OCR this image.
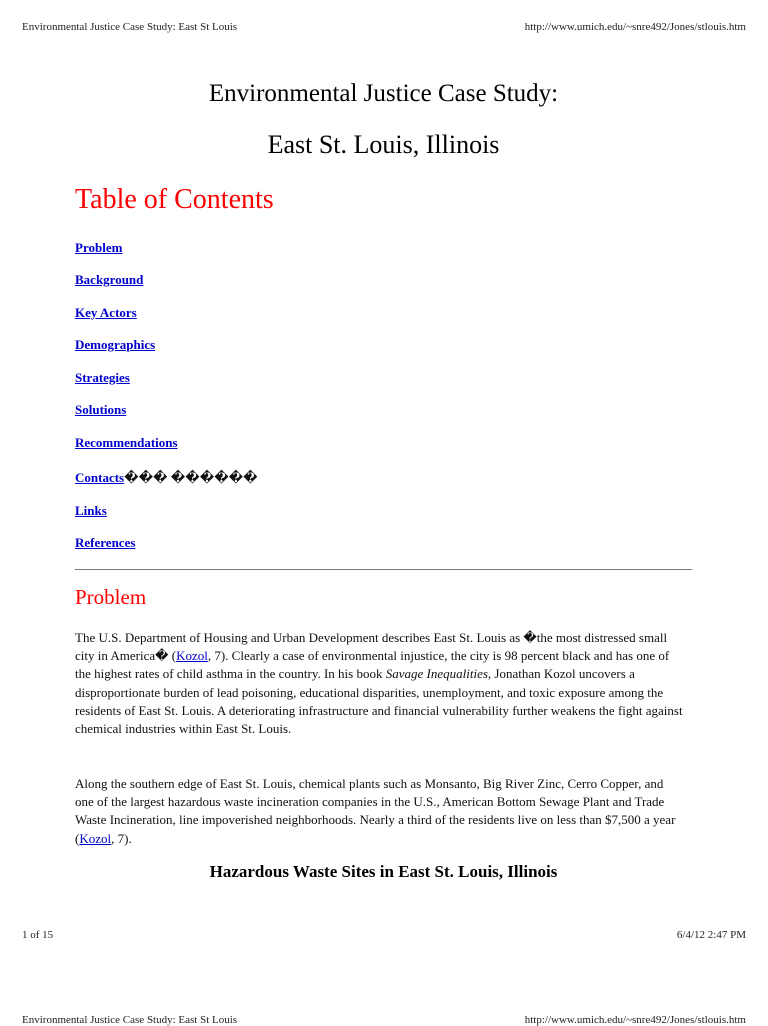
Environmental Justice Case Study: East St Louis	http://www.umich.edu/~snre492/Jones/stlouis.htm
Environmental Justice Case Study:
East St. Louis, Illinois
Table of Contents
Problem
Background
Key Actors
Demographics
Strategies
Solutions
Recommendations
Contacts��� ������
Links
References
Problem

The U.S. Department of Housing and Urban Development describes East St. Louis as �the most distressed small city in America� (Kozol, 7). Clearly a case of environmental injustice, the city is 98 percent black and has one of the highest rates of child asthma in the country. In his book Savage Inequalities, Jonathan Kozol uncovers a disproportionate burden of lead poisoning, educational disparities, unemployment, and toxic exposure among the residents of East St. Louis. A deteriorating infrastructure and financial vulnerability further weakens the fight against chemical industries within East St. Louis.

Along the southern edge of East St. Louis, chemical plants such as Monsanto, Big River Zinc, Cerro Copper, and one of the largest hazardous waste incineration companies in the U.S., American Bottom Sewage Plant and Trade Waste Incineration, line impoverished neighborhoods. Nearly a third of the residents live on less than $7,500 a year (Kozol, 7).

Hazardous Waste Sites in East St. Louis, Illinois
1 of 15	6/4/12 2:47 PM
Environmental Justice Case Study: East St Louis	http://www.umich.edu/~snre492/Jones/stlouis.htm
